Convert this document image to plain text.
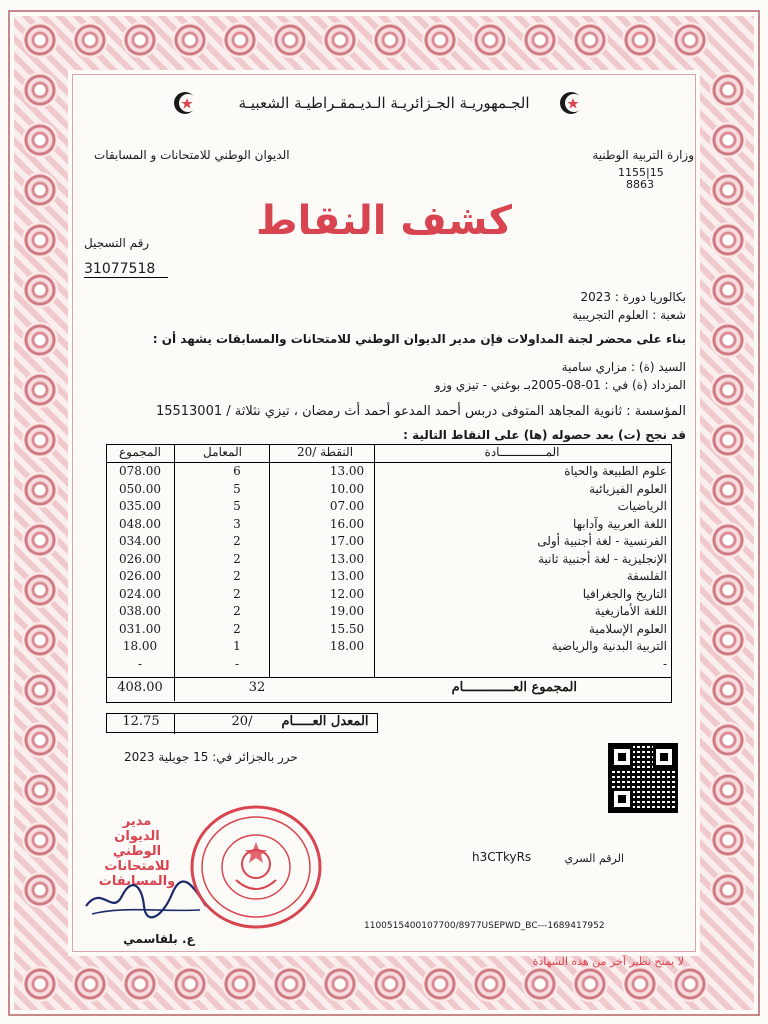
الجـمهوريـة الجـزائريـة الـديـمقـراطيـة الشعبيـة
وزارة التربية الوطنية
الديوان الوطني للامتحانات و المسابقات
1155|15
8863
كشف النقاط
رقم التسجيل
31077518
بكالوريا دورة : 2023
شعبة : العلوم التجريبية
بناء على محضر لجنة المداولات فإن مدير الديوان الوطني للامتحانات والمسابقات يشهد أن :
السيد (ة) : مزاري سامية
المزداد (ة) في : 01-08-2005بـ بوغني - تيزي وزو
المؤسسة : ثانوية المجاهد المتوفى دربس أحمد المدعو أحمد أث رمضان ، تيزي نثلاثة / 15513001
قد نجح (ت) بعد حصوله (ها) على النقاط التالية :
المـــــــــــــادة
النقطة /20
المعامل
المجموع
علوم الطبيعة والحياة
13.00
6
078.00
العلوم الفيزيائية
10.00
5
050.00
الرياضيات
07.00
5
035.00
اللغة العربية وآدابها
16.00
3
048.00
الفرنسية - لغة أجنبية أولى
17.00
2
034.00
الإنجليزية - لغة أجنبية ثانية
13.00
2
026.00
الفلسفة
13.00
2
026.00
التاريخ والجغرافيا
12.00
2
024.00
اللغة الأمازيغية
19.00
2
038.00
العلوم الإسلامية
15.50
2
031.00
التربية البدنية والرياضية
18.00
1
18.00
-
-
-
المجموع العـــــــــــــام
32
408.00
المعدل العـــــام
20/
12.75
حرر بالجزائر في: 15 جويلية 2023
مدير
الديوان الوطني
للامتحانات
والمسابقات
ع. بلقاسمي
الرقم السري
h3CTkyRs
1100515400107700/8977USEPWD_BC---1689417952
لا يمنح نظير آخر من هذه الشهادة
